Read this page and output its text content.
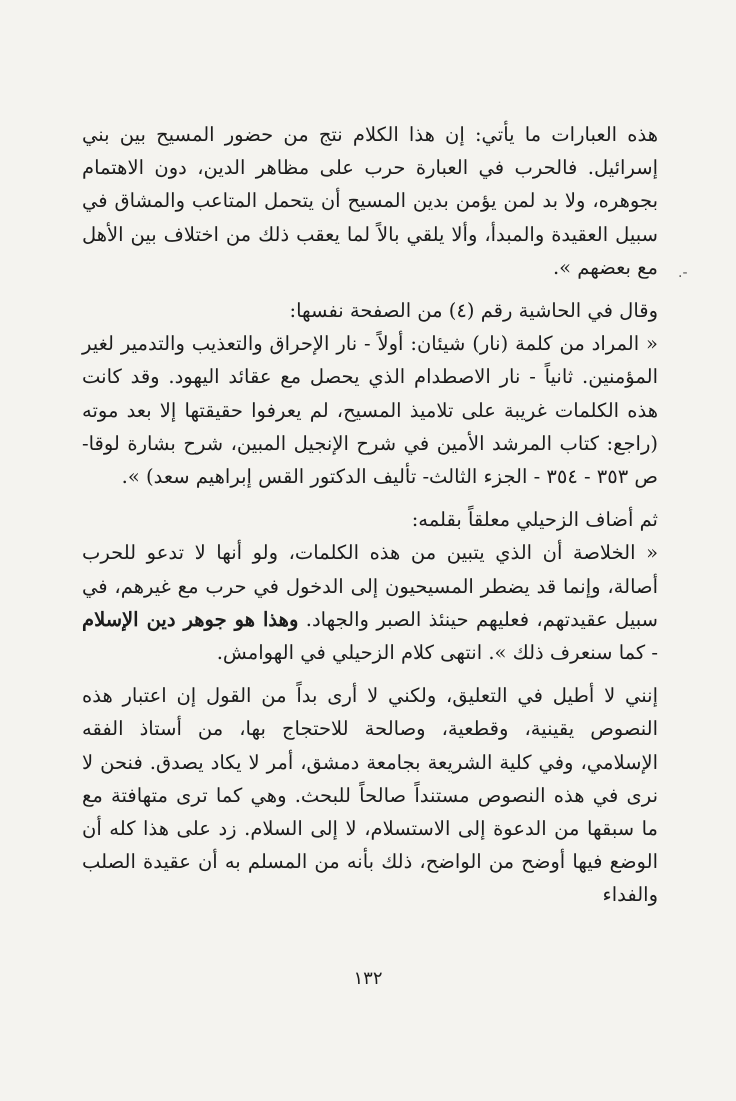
هذه العبارات ما يأتي: إن هذا الكلام نتج من حضور المسيح بين بني إسرائيل. فالحرب في العبارة حرب على مظاهر الدين، دون الاهتمام بجوهره، ولا بد لمن يؤمن بدين المسيح أن يتحمل المتاعب والمشاق في سبيل العقيدة والمبدأ، وألا يلقي بالاً لما يعقب ذلك من اختلاف بين الأهل مع بعضهم ».

وقال في الحاشية رقم (٤) من الصفحة نفسها:

« المراد من كلمة (نار) شيئان: أولاً - نار الإحراق والتعذيب والتدمير لغير المؤمنين. ثانياً - نار الاصطدام الذي يحصل مع عقائد اليهود. وقد كانت هذه الكلمات غريبة على تلاميذ المسيح، لم يعرفوا حقيقتها إلا بعد موته (راجع: كتاب المرشد الأمين في شرح الإنجيل المبين، شرح بشارة لوقا- ص ٣٥٣ - ٣٥٤ - الجزء الثالث- تأليف الدكتور القس إبراهيم سعد) ».

ثم أضاف الزحيلي معلقاً بقلمه:

« الخلاصة أن الذي يتبين من هذه الكلمات، ولو أنها لا تدعو للحرب أصالة، وإنما قد يضطر المسيحيون إلى الدخول في حرب مع غيرهم، في سبيل عقيدتهم، فعليهم حينئذ الصبر والجهاد. وهذا هو جوهر دين الإسلام - كما سنعرف ذلك ». انتهى كلام الزحيلي في الهوامش.

إنني لا أطيل في التعليق، ولكني لا أرى بداً من القول إن اعتبار هذه النصوص يقينية، وقطعية، وصالحة للاحتجاج بها، من أستاذ الفقه الإسلامي، وفي كلية الشريعة بجامعة دمشق، أمر لا يكاد يصدق. فنحن لا نرى في هذه النصوص مستنداً صالحاً للبحث. وهي كما ترى متهافتة مع ما سبقها من الدعوة إلى الاستسلام، لا إلى السلام. زد على هذا كله أن الوضع فيها أوضح من الواضح، ذلك بأنه من المسلم به أن عقيدة الصلب والفداء

-.
١٣٢
